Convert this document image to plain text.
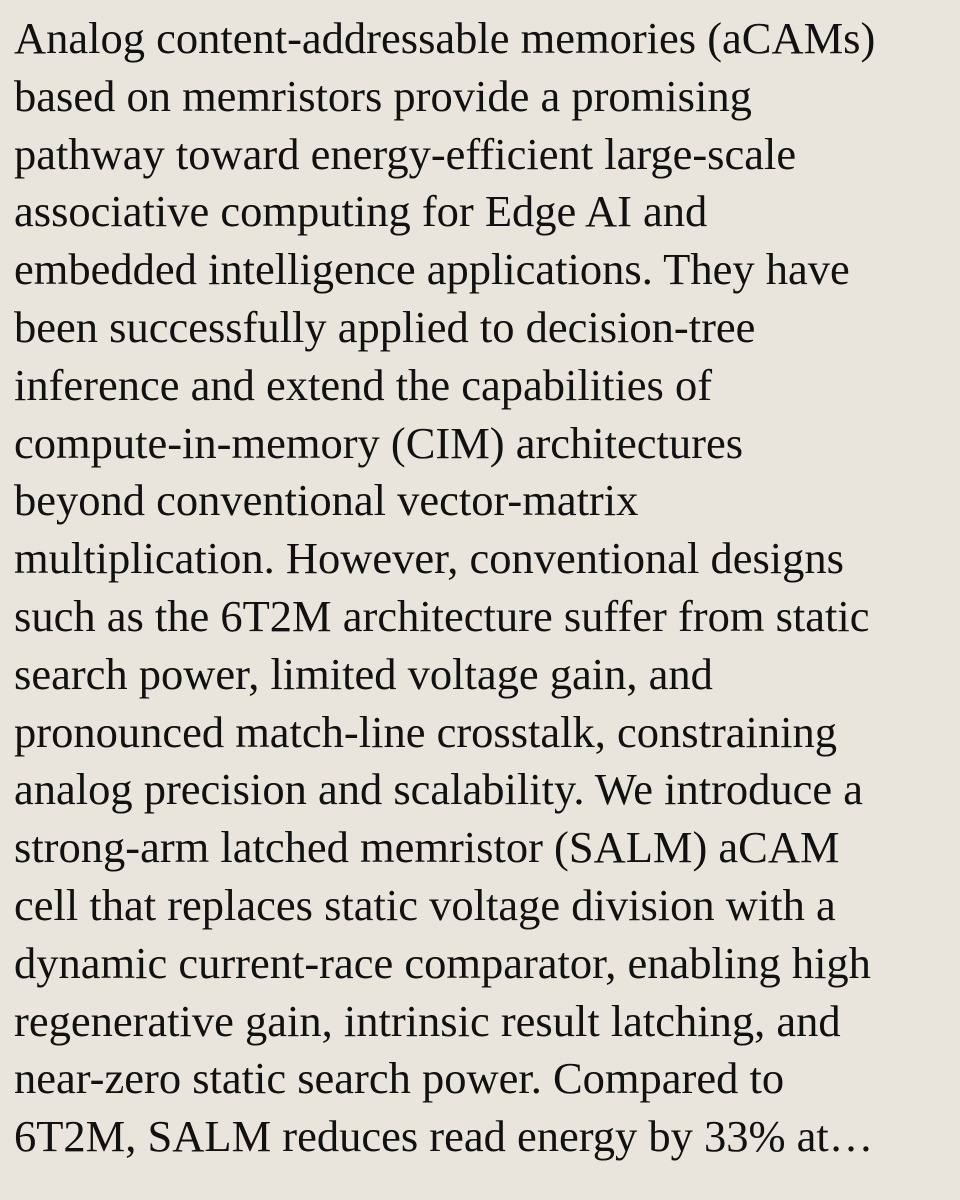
Analog content-addressable memories (aCAMs)
based on memristors provide a promising
pathway toward energy-efficient large-scale
associative computing for Edge AI and
embedded intelligence applications. They have
been successfully applied to decision-tree
inference and extend the capabilities of
compute-in-memory (CIM) architectures
beyond conventional vector-matrix
multiplication. However, conventional designs
such as the 6T2M architecture suffer from static
search power, limited voltage gain, and
pronounced match-line crosstalk, constraining
analog precision and scalability. We introduce a
strong-arm latched memristor (SALM) aCAM
cell that replaces static voltage division with a
dynamic current-race comparator, enabling high
regenerative gain, intrinsic result latching, and
near-zero static search power. Compared to
6T2M, SALM reduces read energy by 33% at…
